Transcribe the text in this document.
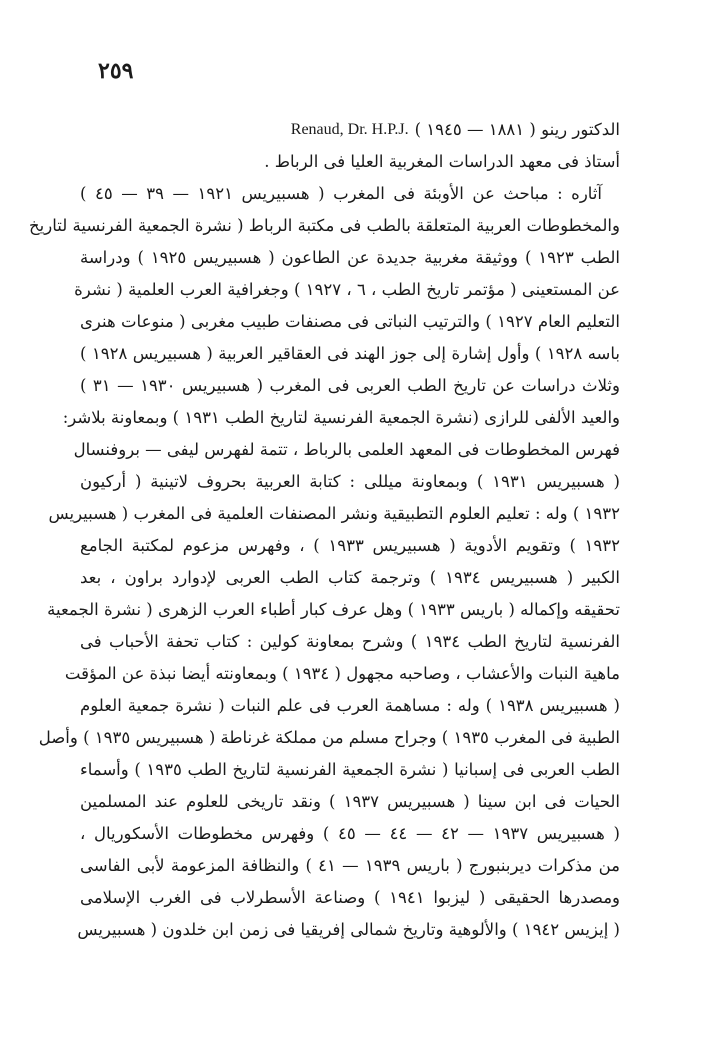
٢٥٩
الدكتور رينو ( ١٨٨١ — ١٩٤٥ )
Renaud, Dr. H.P.J.
أستاذ فى معهد الدراسات المغربية العليا فى الرباط .
آثاره : مباحث عن الأوبئة فى المغرب ( هسبيريس ١٩٢١ — ٣٩ — ٤٥ )
والمخطوطات العربية المتعلقة بالطب فى مكتبة الرباط ( نشرة الجمعية الفرنسية لتاريخ
الطب ١٩٢٣ ) ووثيقة مغربية جديدة عن الطاعون ( هسبيريس ١٩٢٥ ) ودراسة
عن المستعينى ( مؤتمر تاريخ الطب ، ٦ ، ١٩٢٧ ) وجغرافية العرب العلمية ( نشرة
التعليم العام ١٩٢٧ ) والترتيب النباتى فى مصنفات طبيب مغربى ( منوعات هنرى
باسه ١٩٢٨ ) وأول إشارة إلى جوز الهند فى العقاقير العربية ( هسبيريس ١٩٢٨ )
وثلاث دراسات عن تاريخ الطب العربى فى المغرب ( هسبيريس ١٩٣٠ — ٣١ )
والعيد الألفى للرازى (نشرة الجمعية الفرنسية لتاريخ الطب ١٩٣١ ) وبمعاونة بلاشر:
فهرس المخطوطات فى المعهد العلمى بالرباط ، تتمة لفهرس ليفى — بروفنسال
( هسبيريس ١٩٣١ ) وبمعاونة ميللى : كتابة العربية بحروف لاتينية ( أركيون
١٩٣٢ ) وله : تعليم العلوم التطبيقية ونشر المصنفات العلمية فى المغرب ( هسبيريس
١٩٣٢ ) وتقويم الأدوية ( هسبيريس ١٩٣٣ ) ، وفهرس مزعوم لمكتبة الجامع
الكبير ( هسبيريس ١٩٣٤ ) وترجمة كتاب الطب العربى لإدوارد براون ، بعد
تحقيقه وإكماله ( باريس ١٩٣٣ ) وهل عرف كبار أطباء العرب الزهرى ( نشرة الجمعية
الفرنسية لتاريخ الطب ١٩٣٤ ) وشرح بمعاونة كولين : كتاب تحفة الأحباب فى
ماهية النبات والأعشاب ، وصاحبه مجهول ( ١٩٣٤ ) وبمعاونته أيضا نبذة عن المؤقت
( هسبيريس ١٩٣٨ ) وله : مساهمة العرب فى علم النبات ( نشرة جمعية العلوم
الطبية فى المغرب ١٩٣٥ ) وجراح مسلم من مملكة غرناطة ( هسبيريس ١٩٣٥ ) وأصل
الطب العربى فى إسبانيا ( نشرة الجمعية الفرنسية لتاريخ الطب ١٩٣٥ ) وأسماء
الحيات فى ابن سينا ( هسبيريس ١٩٣٧ ) ونقد تاريخى للعلوم عند المسلمين
( هسبيريس ١٩٣٧ — ٤٢ — ٤٤ — ٤٥ ) وفهرس مخطوطات الأسكوريال ،
من مذكرات ديربنبورج ( باريس ١٩٣٩ — ٤١ ) والنظافة المزعومة لأبى الفاسى
ومصدرها الحقيقى ( ليزبوا ١٩٤١ ) وصناعة الأسطرلاب فى الغرب الإسلامى
( إيزيس ١٩٤٢ ) والألوهية وتاريخ شمالى إفريقيا فى زمن ابن خلدون ( هسبيريس
